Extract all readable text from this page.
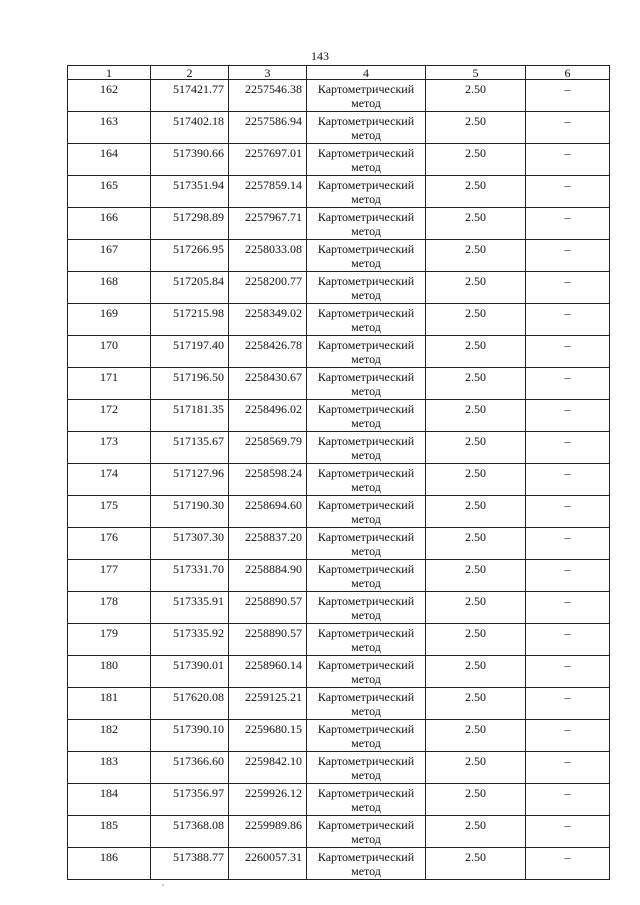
143
1	2	3	4	5	6
162	517421.77	2257546.38	Картометрический
метод	2.50	–
163	517402.18	2257586.94	Картометрический
метод	2.50	–
164	517390.66	2257697.01	Картометрический
метод	2.50	–
165	517351.94	2257859.14	Картометрический
метод	2.50	–
166	517298.89	2257967.71	Картометрический
метод	2.50	–
167	517266.95	2258033.08	Картометрический
метод	2.50	–
168	517205.84	2258200.77	Картометрический
метод	2.50	–
169	517215.98	2258349.02	Картометрический
метод	2.50	–
170	517197.40	2258426.78	Картометрический
метод	2.50	–
171	517196.50	2258430.67	Картометрический
метод	2.50	–
172	517181.35	2258496.02	Картометрический
метод	2.50	–
173	517135.67	2258569.79	Картометрический
метод	2.50	–
174	517127.96	2258598.24	Картометрический
метод	2.50	–
175	517190.30	2258694.60	Картометрический
метод	2.50	–
176	517307.30	2258837.20	Картометрический
метод	2.50	–
177	517331.70	2258884.90	Картометрический
метод	2.50	–
178	517335.91	2258890.57	Картометрический
метод	2.50	–
179	517335.92	2258890.57	Картометрический
метод	2.50	–
180	517390.01	2258960.14	Картометрический
метод	2.50	–
181	517620.08	2259125.21	Картометрический
метод	2.50	–
182	517390.10	2259680.15	Картометрический
метод	2.50	–
183	517366.60	2259842.10	Картометрический
метод	2.50	–
184	517356.97	2259926.12	Картометрический
метод	2.50	–
185	517368.08	2259989.86	Картометрический
метод	2.50	–
186	517388.77	2260057.31	Картометрический
метод	2.50	–
